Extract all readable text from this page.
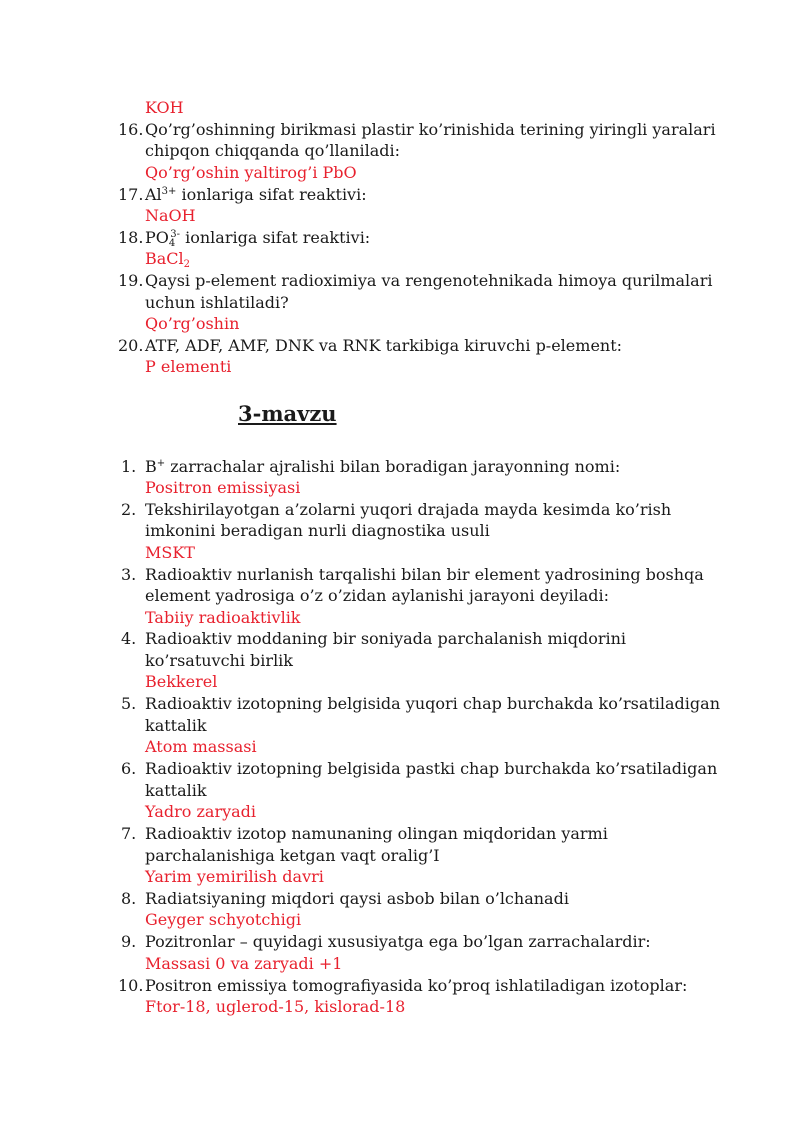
KOH
16. Qo’rg’oshinning birikmasi plastir ko’rinishida terining yiringli yaralari
chipqon chiqqanda qo’llaniladi:
Qo’rg’oshin yaltirog’i PbO
17. $Al^{3+}$ ionlariga sifat reaktivi:
NaOH
18. $PO_4^{3-}$ ionlariga sifat reaktivi:
BaCl$_2$
19. Qaysi p-element radioximiya va rengenotehnikada himoya qurilmalari
uchun ishlatiladi?
Qo’rg’oshin
20. ATF, ADF, AMF, DNK va RNK tarkibiga kiruvchi p-element:
P elementi
3-mavzu
1. B+ zarrachalar ajralishi bilan boradigan jarayonning nomi:
Positron emissiyasi
2. Tekshirilayotgan a’zolarni yuqori drajada mayda kesimda ko’rish
imkonini beradigan nurli diagnostika usuli
MSKT
3. Radioaktiv nurlanish tarqalishi bilan bir element yadrosining boshqa
element yadrosiga o’z o’zidan aylanishi jarayoni deyiladi:
Tabiiy radioaktivlik
4. Radioaktiv moddaning bir soniyada parchalanish miqdorini
ko’rsatuvchi birlik
Bekkerel
5. Radioaktiv izotopning belgisida yuqori chap burchakda ko’rsatiladigan
kattalik
Atom massasi
6. Radioaktiv izotopning belgisida pastki chap burchakda ko’rsatiladigan
kattalik
Yadro zaryadi
7. Radioaktiv izotop namunaning olingan miqdoridan yarmi
parchalanishiga ketgan vaqt oralig’I
Yarim yemirilish davri
8. Radiatsiyaning miqdori qaysi asbob bilan o’lchanadi
Geyger schyotchigi
9. Pozitronlar – quyidagi xususiyatga ega bo’lgan zarrachalardir:
Massasi 0 va zaryadi +1
10. Positron emissiya tomografiyasida ko’proq ishlatiladigan izotoplar:
Ftor-18, uglerod-15, kislorad-18
